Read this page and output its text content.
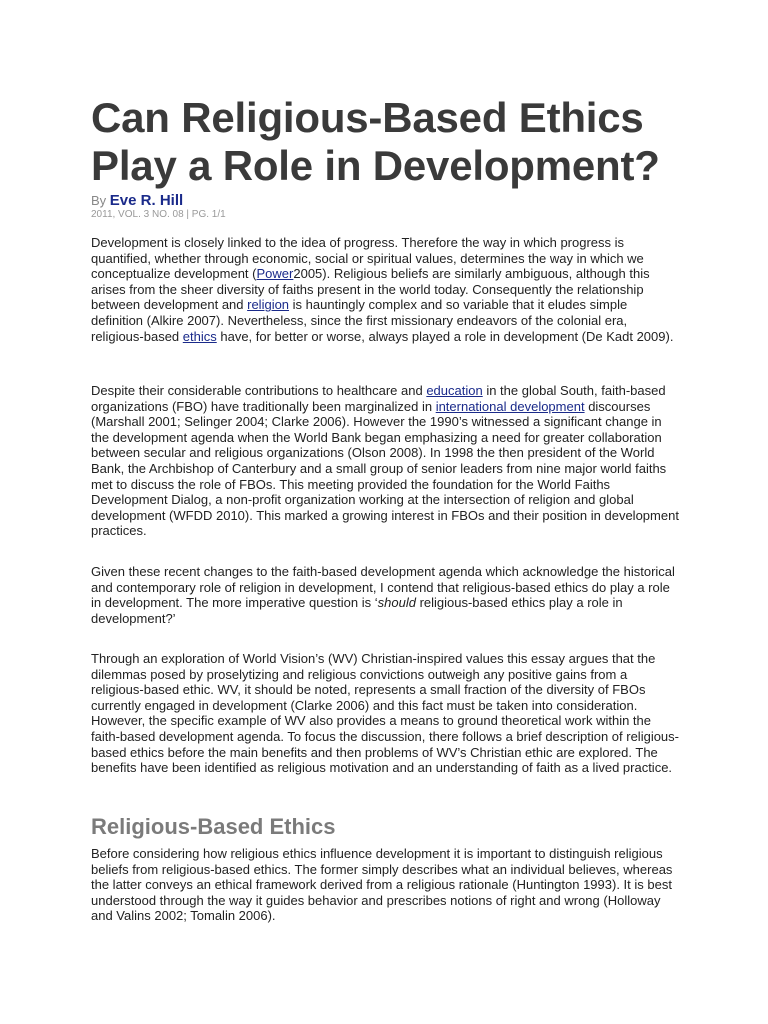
Can Religious-Based Ethics Play a Role in Development?
By Eve R. Hill
2011, VOL. 3 NO. 08 | PG. 1/1

Development is closely linked to the idea of progress. Therefore the way in which progress is quantified, whether through economic, social or spiritual values, determines the way in which we conceptualize development (Power2005). Religious beliefs are similarly ambiguous, although this arises from the sheer diversity of faiths present in the world today. Consequently the relationship between development and religion is hauntingly complex and so variable that it eludes simple definition (Alkire 2007). Nevertheless, since the first missionary endeavors of the colonial era, religious-based ethics have, for better or worse, always played a role in development (De Kadt 2009).

Despite their considerable contributions to healthcare and education in the global South, faith-based organizations (FBO) have traditionally been marginalized in international development discourses (Marshall 2001; Selinger 2004; Clarke 2006). However the 1990’s witnessed a significant change in the development agenda when the World Bank began emphasizing a need for greater collaboration between secular and religious organizations (Olson 2008). In 1998 the then president of the World Bank, the Archbishop of Canterbury and a small group of senior leaders from nine major world faiths met to discuss the role of FBOs. This meeting provided the foundation for the World Faiths Development Dialog, a non-profit organization working at the intersection of religion and global development (WFDD 2010). This marked a growing interest in FBOs and their position in development practices.

Given these recent changes to the faith-based development agenda which acknowledge the historical and contemporary role of religion in development, I contend that religious-based ethics do play a role in development. The more imperative question is ‘should religious-based ethics play a role in development?’

Through an exploration of World Vision’s (WV) Christian-inspired values this essay argues that the dilemmas posed by proselytizing and religious convictions outweigh any positive gains from a religious-based ethic. WV, it should be noted, represents a small fraction of the diversity of FBOs currently engaged in development (Clarke 2006) and this fact must be taken into consideration. However, the specific example of WV also provides a means to ground theoretical work within the faith-based development agenda. To focus the discussion, there follows a brief description of religious-based ethics before the main benefits and then problems of WV’s Christian ethic are explored. The benefits have been identified as religious motivation and an understanding of faith as a lived practice.

Religious-Based Ethics

Before considering how religious ethics influence development it is important to distinguish religious beliefs from religious-based ethics. The former simply describes what an individual believes, whereas the latter conveys an ethical framework derived from a religious rationale (Huntington 1993). It is best understood through the way it guides behavior and prescribes notions of right and wrong (Holloway and Valins 2002; Tomalin 2006).
